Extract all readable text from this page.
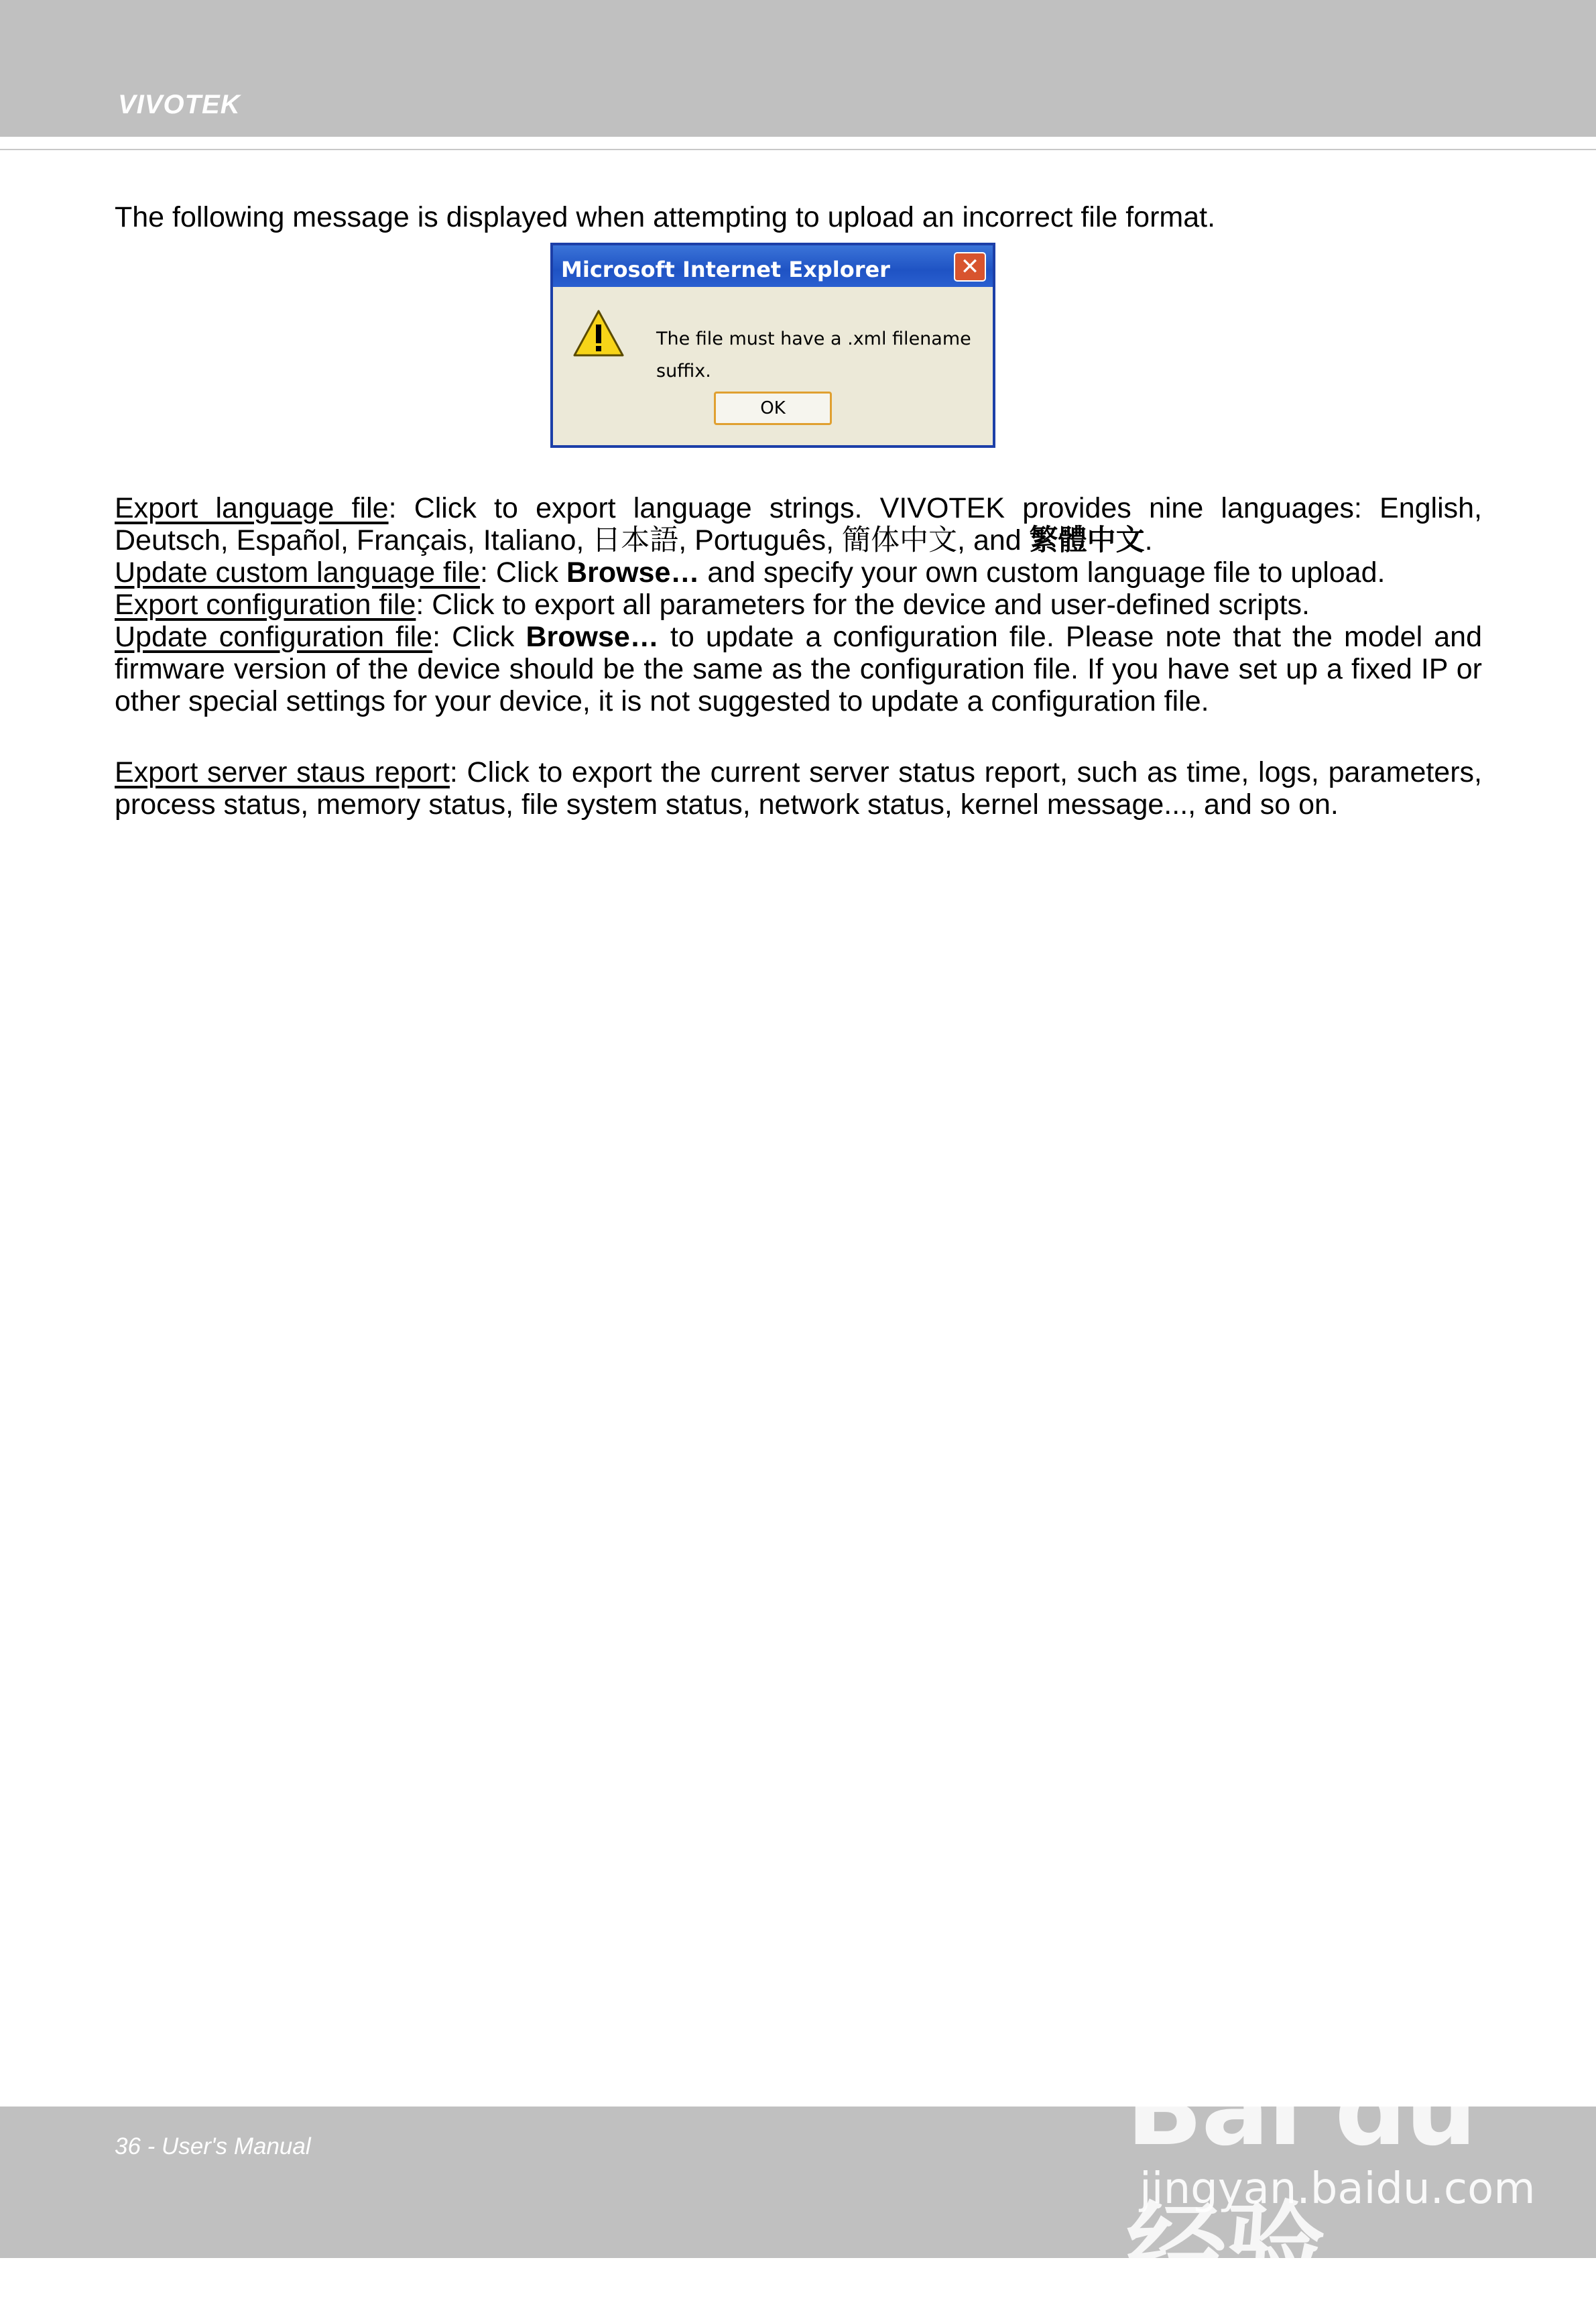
VIVOTEK

The following message is displayed when attempting to upload an incorrect file format.

Microsoft Internet Explorer	✕
The file must have a .xml filename suffix.
OK

Export language file: Click to export language strings. VIVOTEK provides nine languages: English, Deutsch, Español, Français, Italiano, 日本語, Português, 簡体中文, and 繁體中文.

Update custom language file: Click Browse… and specify your own custom language file to upload.

Export configuration file: Click to export all parameters for the device and user-defined scripts.

Update configuration file: Click Browse… to update a configuration file. Please note that the model and firmware version of the device should be the same as the configuration file. If you have set up a fixed IP or other special settings for your device, it is not suggested to update a configuration file.

Export server staus report: Click to export the current server status report, such as time, logs, parameters, process status, memory status, file system status, network status, kernel message..., and so on.

36 - User's Manual	Bai du 经验
jingyan.baidu.com
